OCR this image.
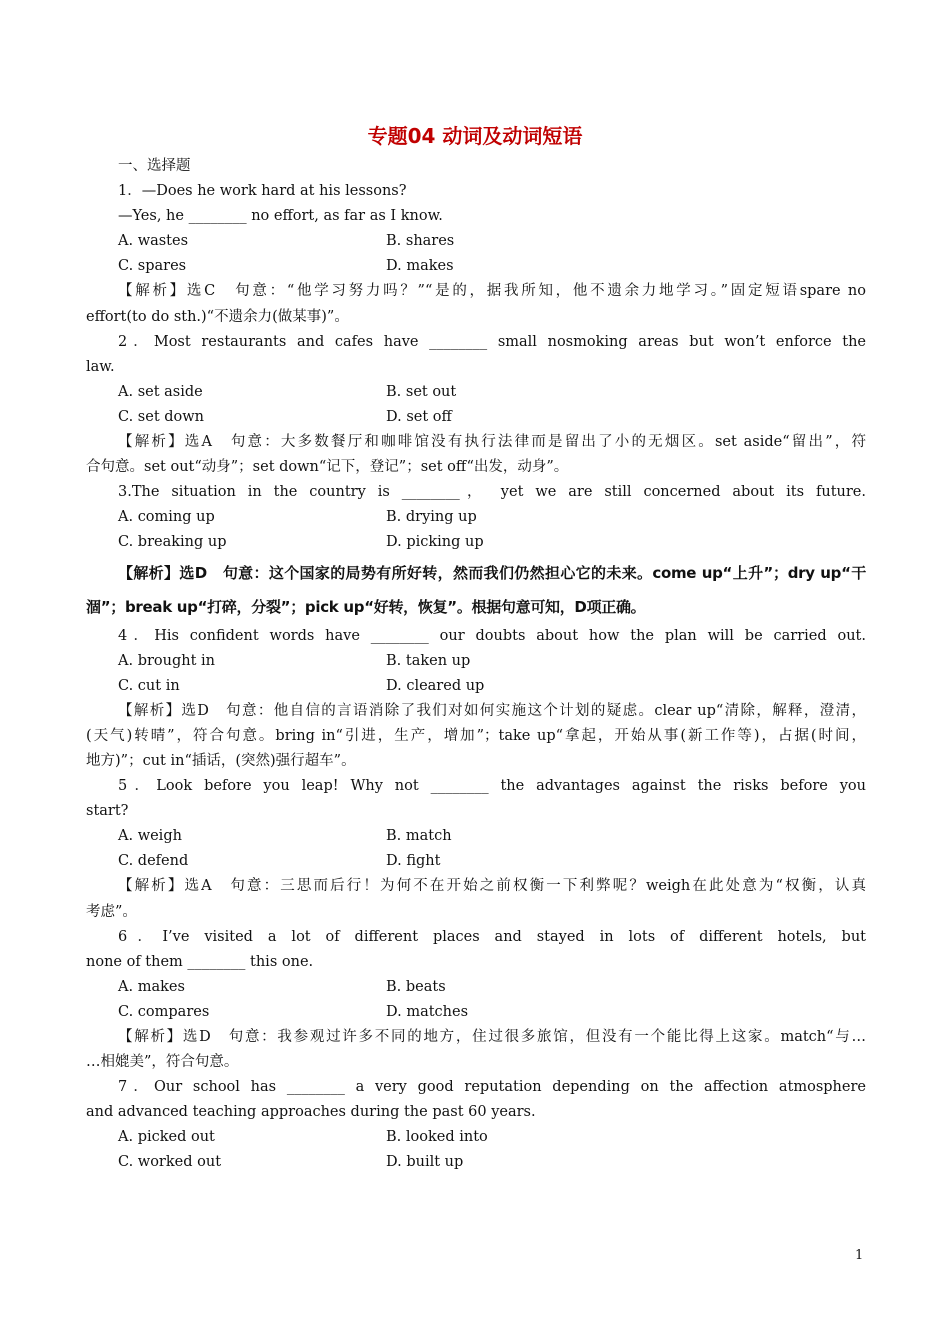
专题04 动词及动词短语
一、选择题
1．—Does he work hard at his lessons?
—Yes, he ________ no effort, as far as I know.
A. wastes	B. shares
C. spares	D. makes
【解析】选C　句意：“他学习努力吗？”“是的，据我所知，他不遗余力地学习。”固定短语spare no
effort(to do sth.)“不遗余力(做某事)”。
2．Most restaurants and cafes have ________ small nosmoking areas but won’t enforce the
law.
A. set aside	B. set out
C. set down	D. set off
【解析】选A　句意：大多数餐厅和咖啡馆没有执行法律而是留出了小的无烟区。set aside“留出”，符
合句意。set out“动身”；set down“记下，登记”；set off“出发，动身”。
3.The situation in the country is ________， yet we are still concerned about its future.
A. coming up	B. drying up
C. breaking up	D. picking up
【解析】选D　句意：这个国家的局势有所好转，然而我们仍然担心它的未来。come up“上升”；dry up“干
涸”；break up“打碎，分裂”；pick up“好转，恢复”。根据句意可知，D项正确。
4．His confident words have ________ our doubts about how the plan will be carried out.
A. brought in	B. taken up
C. cut in	D. cleared up
【解析】选D　句意：他自信的言语消除了我们对如何实施这个计划的疑虑。clear up“清除，解释，澄清，
(天气)转晴”，符合句意。bring in“引进，生产，增加”；take up“拿起，开始从事(新工作等)，占据(时间，
地方)”；cut in“插话，(突然)强行超车”。
5．Look before you leap! Why not ________ the advantages against the risks before you
start?
A. weigh	B. match
C. defend	D. fight
【解析】选A　句意：三思而后行！为何不在开始之前权衡一下利弊呢？weigh在此处意为“权衡，认真
考虑”。
6．I’ve visited a lot of different places and stayed in lots of different hotels, but
none of them ________ this one.
A. makes	B. beats
C. compares	D. matches
【解析】选D　句意：我参观过许多不同的地方，住过很多旅馆，但没有一个能比得上这家。match“与…
…相媲美”，符合句意。
7．Our school has ________ a very good reputation depending on the affection atmosphere
and advanced teaching approaches during the past 60 years.
A. picked out	B. looked into
C. worked out	D. built up
1
